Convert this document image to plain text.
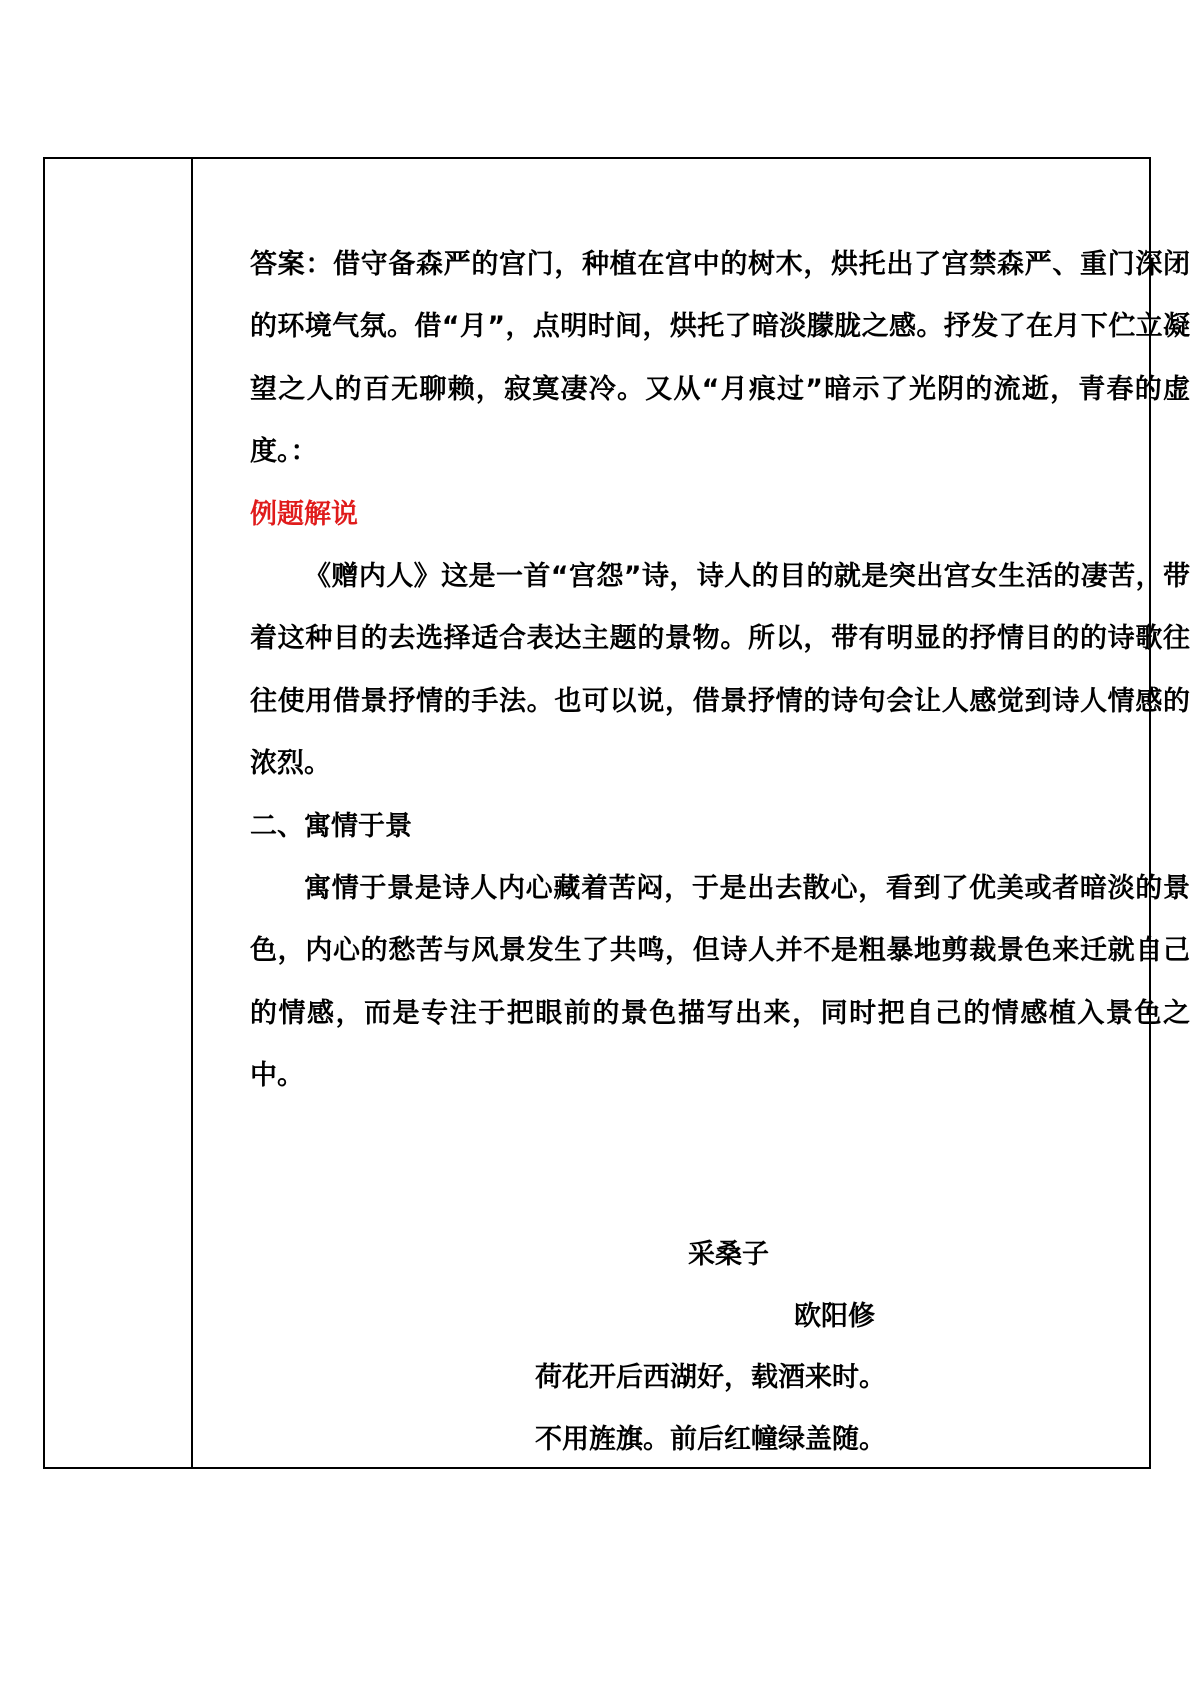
答案：借守备森严的宫门，种植在宫中的树木，烘托出了宫禁森严、重门深闭的环境气氛。借“月”，点明时间，烘托了暗淡朦胧之感。抒发了在月下伫立凝望之人的百无聊赖，寂寞凄冷。又从“月痕过”暗示了光阴的流逝，青春的虚度。：

例题解说

《赠内人》这是一首“宫怨”诗，诗人的目的就是突出宫女生活的凄苦，带着这种目的去选择适合表达主题的景物。所以，带有明显的抒情目的的诗歌往往使用借景抒情的手法。也可以说，借景抒情的诗句会让人感觉到诗人情感的浓烈。

二、寓情于景

寓情于景是诗人内心藏着苦闷，于是出去散心，看到了优美或者暗淡的景色，内心的愁苦与风景发生了共鸣，但诗人并不是粗暴地剪裁景色来迁就自己的情感，而是专注于把眼前的景色描写出来，同时把自己的情感植入景色之中。

采桑子
欧阳修
荷花开后西湖好，载酒来时。
不用旌旗。前后红幢绿盖随。
